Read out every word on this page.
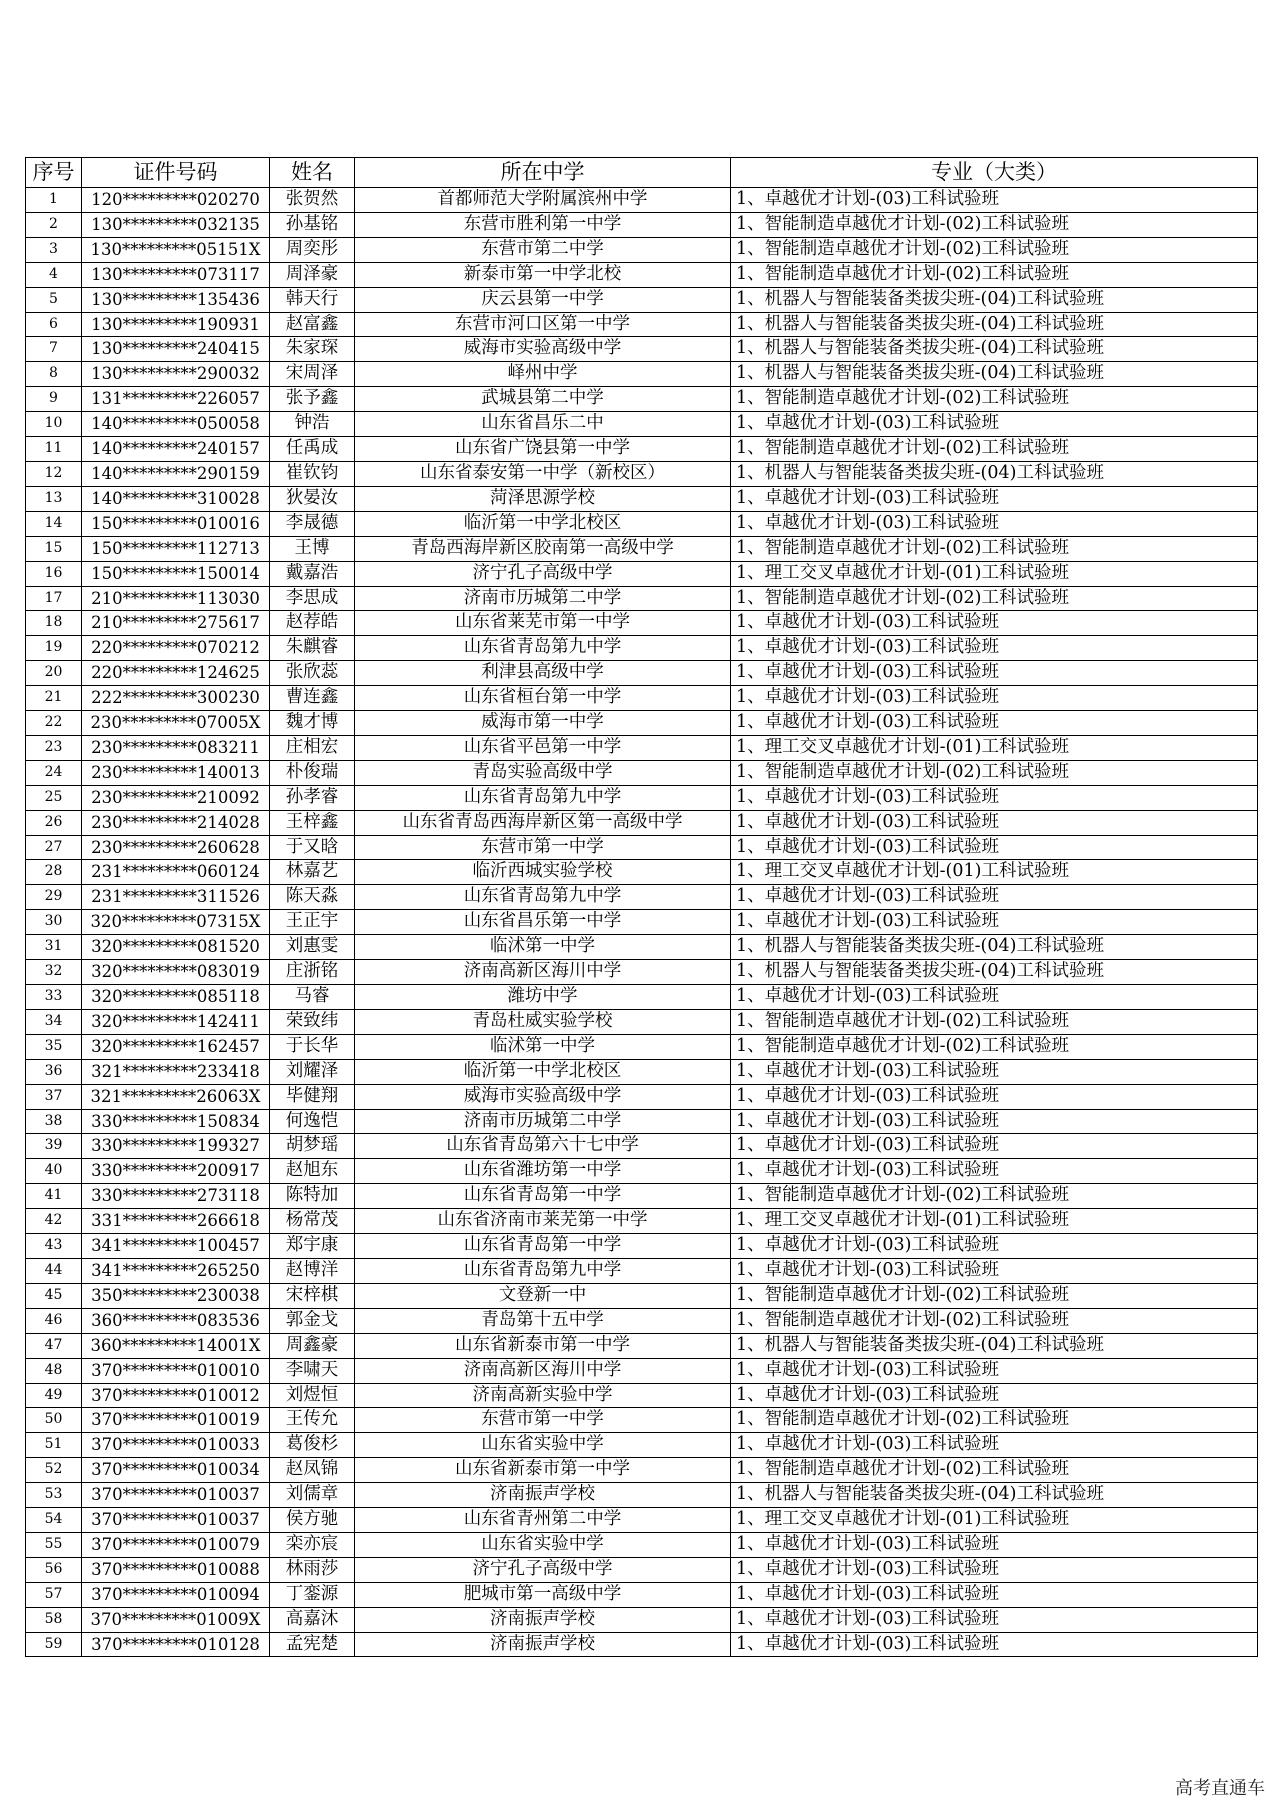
序号	证件号码	姓名	所在中学	专业（大类）
1	120*********020270	张贺然	首都师范大学附属滨州中学	1、卓越优才计划-(03)工科试验班
2	130*********032135	孙基铭	东营市胜利第一中学	1、智能制造卓越优才计划-(02)工科试验班
3	130*********05151X	周奕彤	东营市第二中学	1、智能制造卓越优才计划-(02)工科试验班
4	130*********073117	周泽豪	新泰市第一中学北校	1、智能制造卓越优才计划-(02)工科试验班
5	130*********135436	韩天行	庆云县第一中学	1、机器人与智能装备类拔尖班-(04)工科试验班
6	130*********190931	赵富鑫	东营市河口区第一中学	1、机器人与智能装备类拔尖班-(04)工科试验班
7	130*********240415	朱家琛	威海市实验高级中学	1、机器人与智能装备类拔尖班-(04)工科试验班
8	130*********290032	宋周泽	峄州中学	1、机器人与智能装备类拔尖班-(04)工科试验班
9	131*********226057	张予鑫	武城县第二中学	1、智能制造卓越优才计划-(02)工科试验班
10	140*********050058	钟浩	山东省昌乐二中	1、卓越优才计划-(03)工科试验班
11	140*********240157	任禹成	山东省广饶县第一中学	1、智能制造卓越优才计划-(02)工科试验班
12	140*********290159	崔钦钧	山东省泰安第一中学（新校区）	1、机器人与智能装备类拔尖班-(04)工科试验班
13	140*********310028	狄晏汝	菏泽思源学校	1、卓越优才计划-(03)工科试验班
14	150*********010016	李晟德	临沂第一中学北校区	1、卓越优才计划-(03)工科试验班
15	150*********112713	王博	青岛西海岸新区胶南第一高级中学	1、智能制造卓越优才计划-(02)工科试验班
16	150*********150014	戴嘉浩	济宁孔子高级中学	1、理工交叉卓越优才计划-(01)工科试验班
17	210*********113030	李思成	济南市历城第二中学	1、智能制造卓越优才计划-(02)工科试验班
18	210*********275617	赵荐皓	山东省莱芜市第一中学	1、卓越优才计划-(03)工科试验班
19	220*********070212	朱麒睿	山东省青岛第九中学	1、卓越优才计划-(03)工科试验班
20	220*********124625	张欣蕊	利津县高级中学	1、卓越优才计划-(03)工科试验班
21	222*********300230	曹连鑫	山东省桓台第一中学	1、卓越优才计划-(03)工科试验班
22	230*********07005X	魏才博	威海市第一中学	1、卓越优才计划-(03)工科试验班
23	230*********083211	庄相宏	山东省平邑第一中学	1、理工交叉卓越优才计划-(01)工科试验班
24	230*********140013	朴俊瑞	青岛实验高级中学	1、智能制造卓越优才计划-(02)工科试验班
25	230*********210092	孙孝睿	山东省青岛第九中学	1、卓越优才计划-(03)工科试验班
26	230*********214028	王梓鑫	山东省青岛西海岸新区第一高级中学	1、卓越优才计划-(03)工科试验班
27	230*********260628	于又晗	东营市第一中学	1、卓越优才计划-(03)工科试验班
28	231*********060124	林嘉艺	临沂西城实验学校	1、理工交叉卓越优才计划-(01)工科试验班
29	231*********311526	陈天淼	山东省青岛第九中学	1、卓越优才计划-(03)工科试验班
30	320*********07315X	王正宇	山东省昌乐第一中学	1、卓越优才计划-(03)工科试验班
31	320*********081520	刘惠雯	临沭第一中学	1、机器人与智能装备类拔尖班-(04)工科试验班
32	320*********083019	庄浙铭	济南高新区海川中学	1、机器人与智能装备类拔尖班-(04)工科试验班
33	320*********085118	马睿	潍坊中学	1、卓越优才计划-(03)工科试验班
34	320*********142411	荣致纬	青岛杜威实验学校	1、智能制造卓越优才计划-(02)工科试验班
35	320*********162457	于长华	临沭第一中学	1、智能制造卓越优才计划-(02)工科试验班
36	321*********233418	刘耀泽	临沂第一中学北校区	1、卓越优才计划-(03)工科试验班
37	321*********26063X	毕健翔	威海市实验高级中学	1、卓越优才计划-(03)工科试验班
38	330*********150834	何逸恺	济南市历城第二中学	1、卓越优才计划-(03)工科试验班
39	330*********199327	胡梦瑶	山东省青岛第六十七中学	1、卓越优才计划-(03)工科试验班
40	330*********200917	赵旭东	山东省潍坊第一中学	1、卓越优才计划-(03)工科试验班
41	330*********273118	陈特加	山东省青岛第一中学	1、智能制造卓越优才计划-(02)工科试验班
42	331*********266618	杨常茂	山东省济南市莱芜第一中学	1、理工交叉卓越优才计划-(01)工科试验班
43	341*********100457	郑宇康	山东省青岛第一中学	1、卓越优才计划-(03)工科试验班
44	341*********265250	赵博洋	山东省青岛第九中学	1、卓越优才计划-(03)工科试验班
45	350*********230038	宋梓棋	文登新一中	1、智能制造卓越优才计划-(02)工科试验班
46	360*********083536	郭金戈	青岛第十五中学	1、智能制造卓越优才计划-(02)工科试验班
47	360*********14001X	周鑫豪	山东省新泰市第一中学	1、机器人与智能装备类拔尖班-(04)工科试验班
48	370*********010010	李啸天	济南高新区海川中学	1、卓越优才计划-(03)工科试验班
49	370*********010012	刘煜恒	济南高新实验中学	1、卓越优才计划-(03)工科试验班
50	370*********010019	王传允	东营市第一中学	1、智能制造卓越优才计划-(02)工科试验班
51	370*********010033	葛俊杉	山东省实验中学	1、卓越优才计划-(03)工科试验班
52	370*********010034	赵凤锦	山东省新泰市第一中学	1、智能制造卓越优才计划-(02)工科试验班
53	370*********010037	刘儒章	济南振声学校	1、机器人与智能装备类拔尖班-(04)工科试验班
54	370*********010037	侯方驰	山东省青州第二中学	1、理工交叉卓越优才计划-(01)工科试验班
55	370*********010079	栾亦宸	山东省实验中学	1、卓越优才计划-(03)工科试验班
56	370*********010088	林雨莎	济宁孔子高级中学	1、卓越优才计划-(03)工科试验班
57	370*********010094	丁銮源	肥城市第一高级中学	1、卓越优才计划-(03)工科试验班
58	370*********01009X	高嘉沐	济南振声学校	1、卓越优才计划-(03)工科试验班
59	370*********010128	孟宪楚	济南振声学校	1、卓越优才计划-(03)工科试验班
高考直通车
